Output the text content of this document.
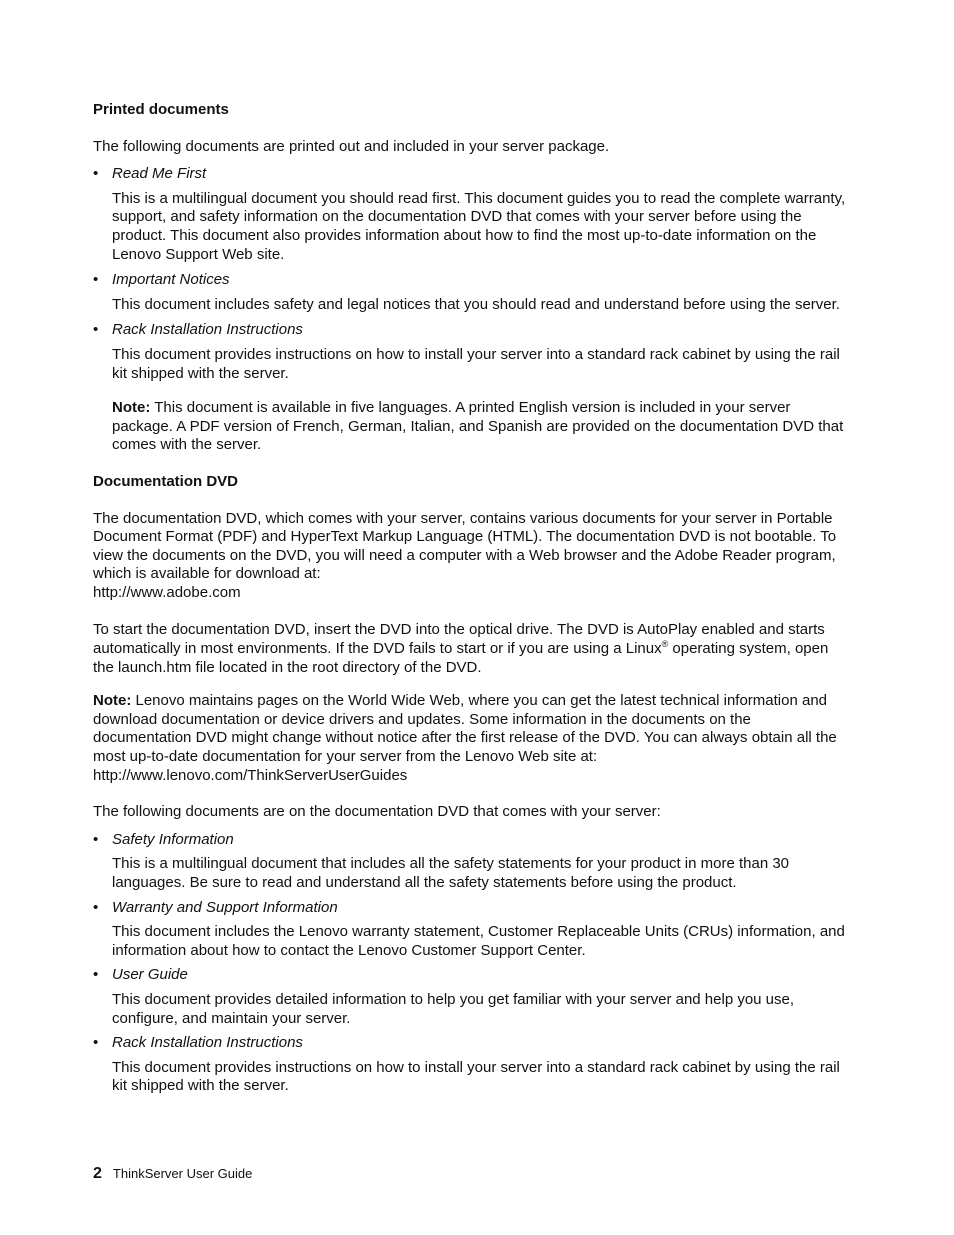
Printed documents

The following documents are printed out and included in your server package.

• Read Me First

This is a multilingual document you should read first. This document guides you to read the complete warranty, support, and safety information on the documentation DVD that comes with your server before using the product. This document also provides information about how to find the most up-to-date information on the Lenovo Support Web site.

• Important Notices

This document includes safety and legal notices that you should read and understand before using the server.

• Rack Installation Instructions

This document provides instructions on how to install your server into a standard rack cabinet by using the rail kit shipped with the server.

Note: This document is available in five languages. A printed English version is included in your server package. A PDF version of French, German, Italian, and Spanish are provided on the documentation DVD that comes with the server.

Documentation DVD

The documentation DVD, which comes with your server, contains various documents for your server in Portable Document Format (PDF) and HyperText Markup Language (HTML). The documentation DVD is not bootable. To view the documents on the DVD, you will need a computer with a Web browser and the Adobe Reader program, which is available for download at:

http://www.adobe.com

To start the documentation DVD, insert the DVD into the optical drive. The DVD is AutoPlay enabled and starts automatically in most environments. If the DVD fails to start or if you are using a Linux® operating system, open the launch.htm file located in the root directory of the DVD.

Note: Lenovo maintains pages on the World Wide Web, where you can get the latest technical information and download documentation or device drivers and updates. Some information in the documents on the documentation DVD might change without notice after the first release of the DVD. You can always obtain all the most up-to-date documentation for your server from the Lenovo Web site at:

http://www.lenovo.com/ThinkServerUserGuides

The following documents are on the documentation DVD that comes with your server:

• Safety Information

This is a multilingual document that includes all the safety statements for your product in more than 30 languages. Be sure to read and understand all the safety statements before using the product.

• Warranty and Support Information

This document includes the Lenovo warranty statement, Customer Replaceable Units (CRUs) information, and information about how to contact the Lenovo Customer Support Center.

• User Guide

This document provides detailed information to help you get familiar with your server and help you use, configure, and maintain your server.

• Rack Installation Instructions

This document provides instructions on how to install your server into a standard rack cabinet by using the rail kit shipped with the server.

2 ThinkServer User Guide
